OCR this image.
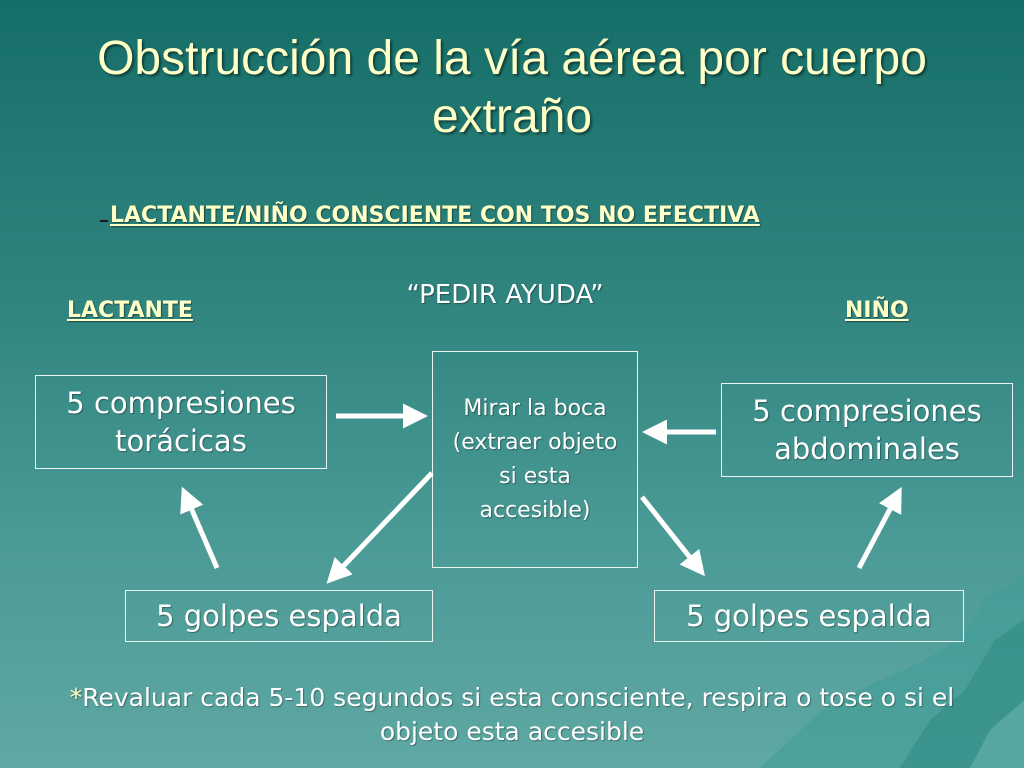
Obstrucción de la vía aérea por cuerpo extraño
LACTANTE/NIÑO CONSCIENTE CON TOS NO EFECTIVA
“PEDIR AYUDA”
LACTANTE	NIÑO
5 compresiones torácicas
Mirar la boca (extraer objeto si esta accesible)
5 compresiones abdominales
5 golpes espalda	5 golpes espalda
*Revaluar cada 5-10 segundos si esta consciente, respira o tose o si el objeto esta accesible
